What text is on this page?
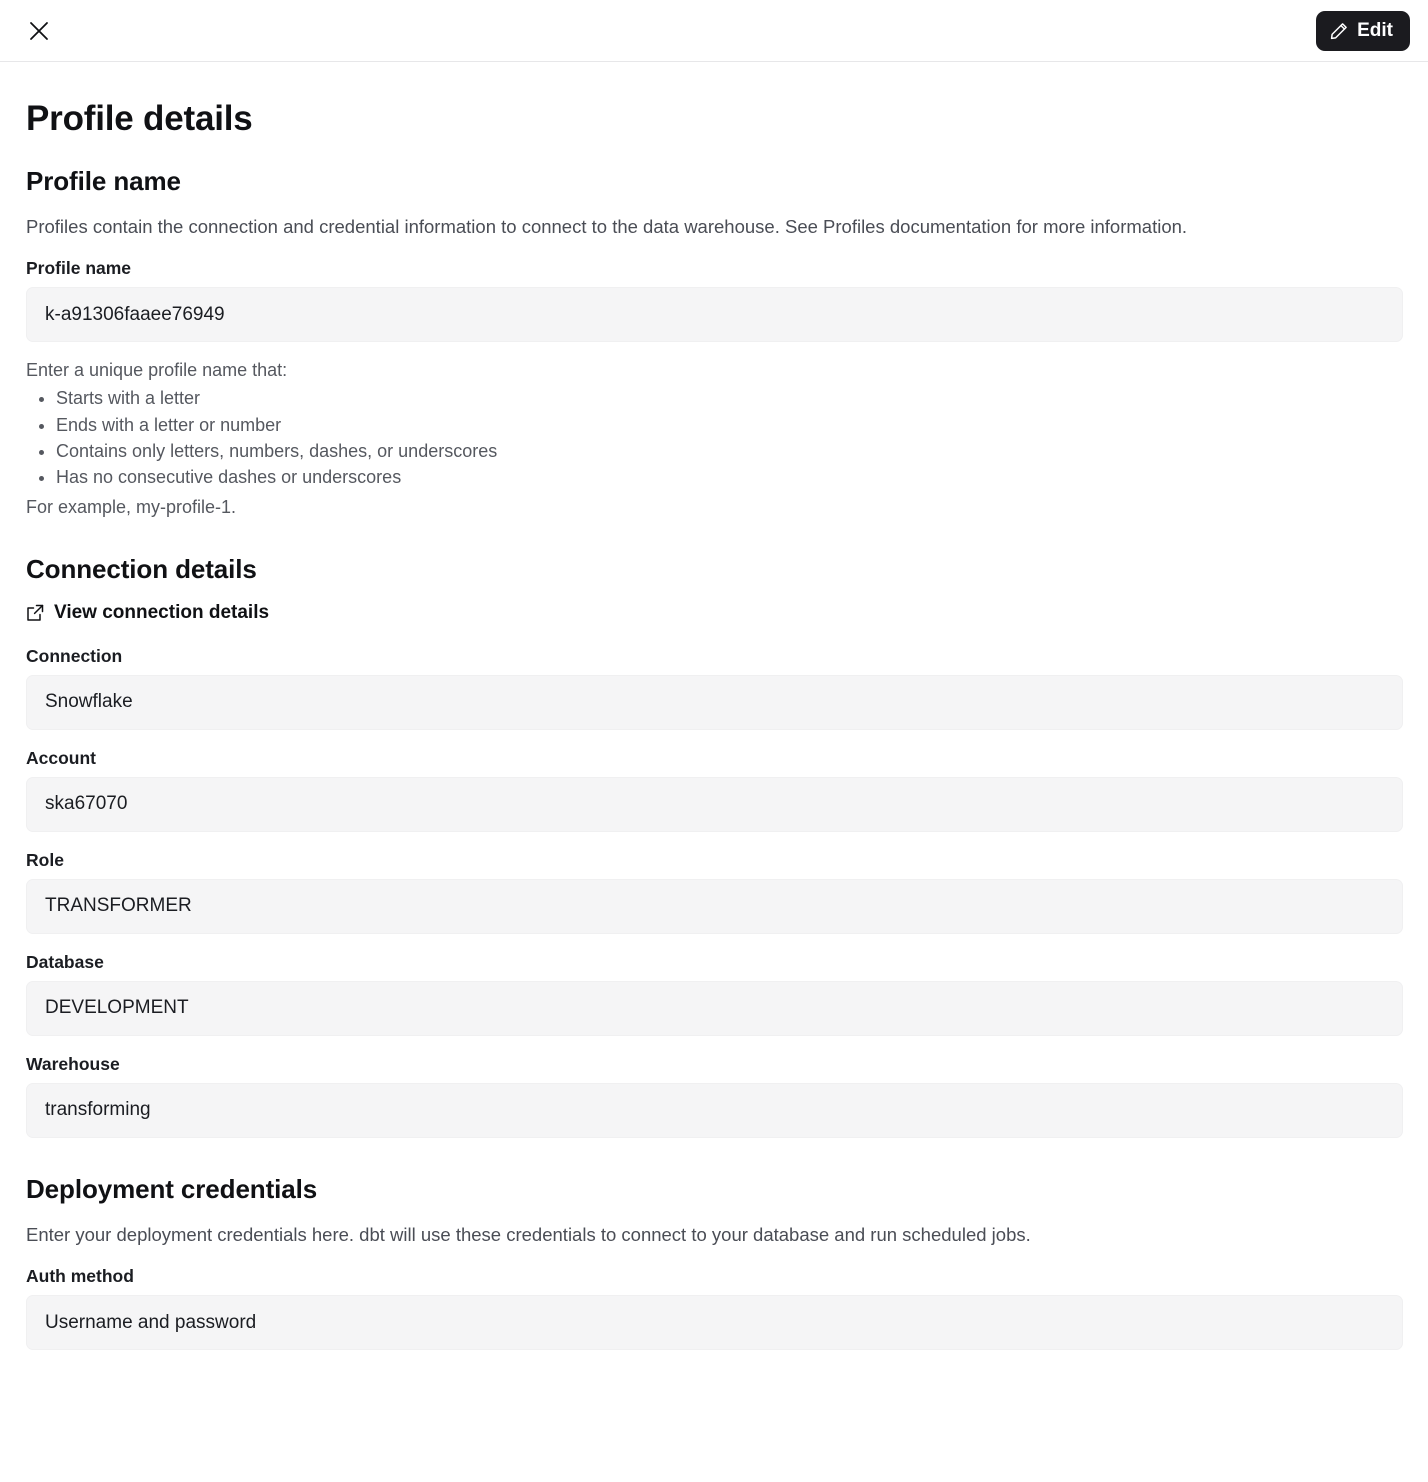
Edit
Profile details
Profile name

Profiles contain the connection and credential information to connect to the data warehouse. See Profiles documentation for more information.

Profile name
k-a91306faaee76949

Enter a unique profile name that:

• Starts with a letter
• Ends with a letter or number
• Contains only letters, numbers, dashes, or underscores
• Has no consecutive dashes or underscores

For example, my-profile-1.

Connection details
View connection details
Connection
Snowflake
Account
ska67070
Role
TRANSFORMER
Database
DEVELOPMENT
Warehouse
transforming
Deployment credentials

Enter your deployment credentials here. dbt will use these credentials to connect to your database and run scheduled jobs.

Auth method
Username and password
